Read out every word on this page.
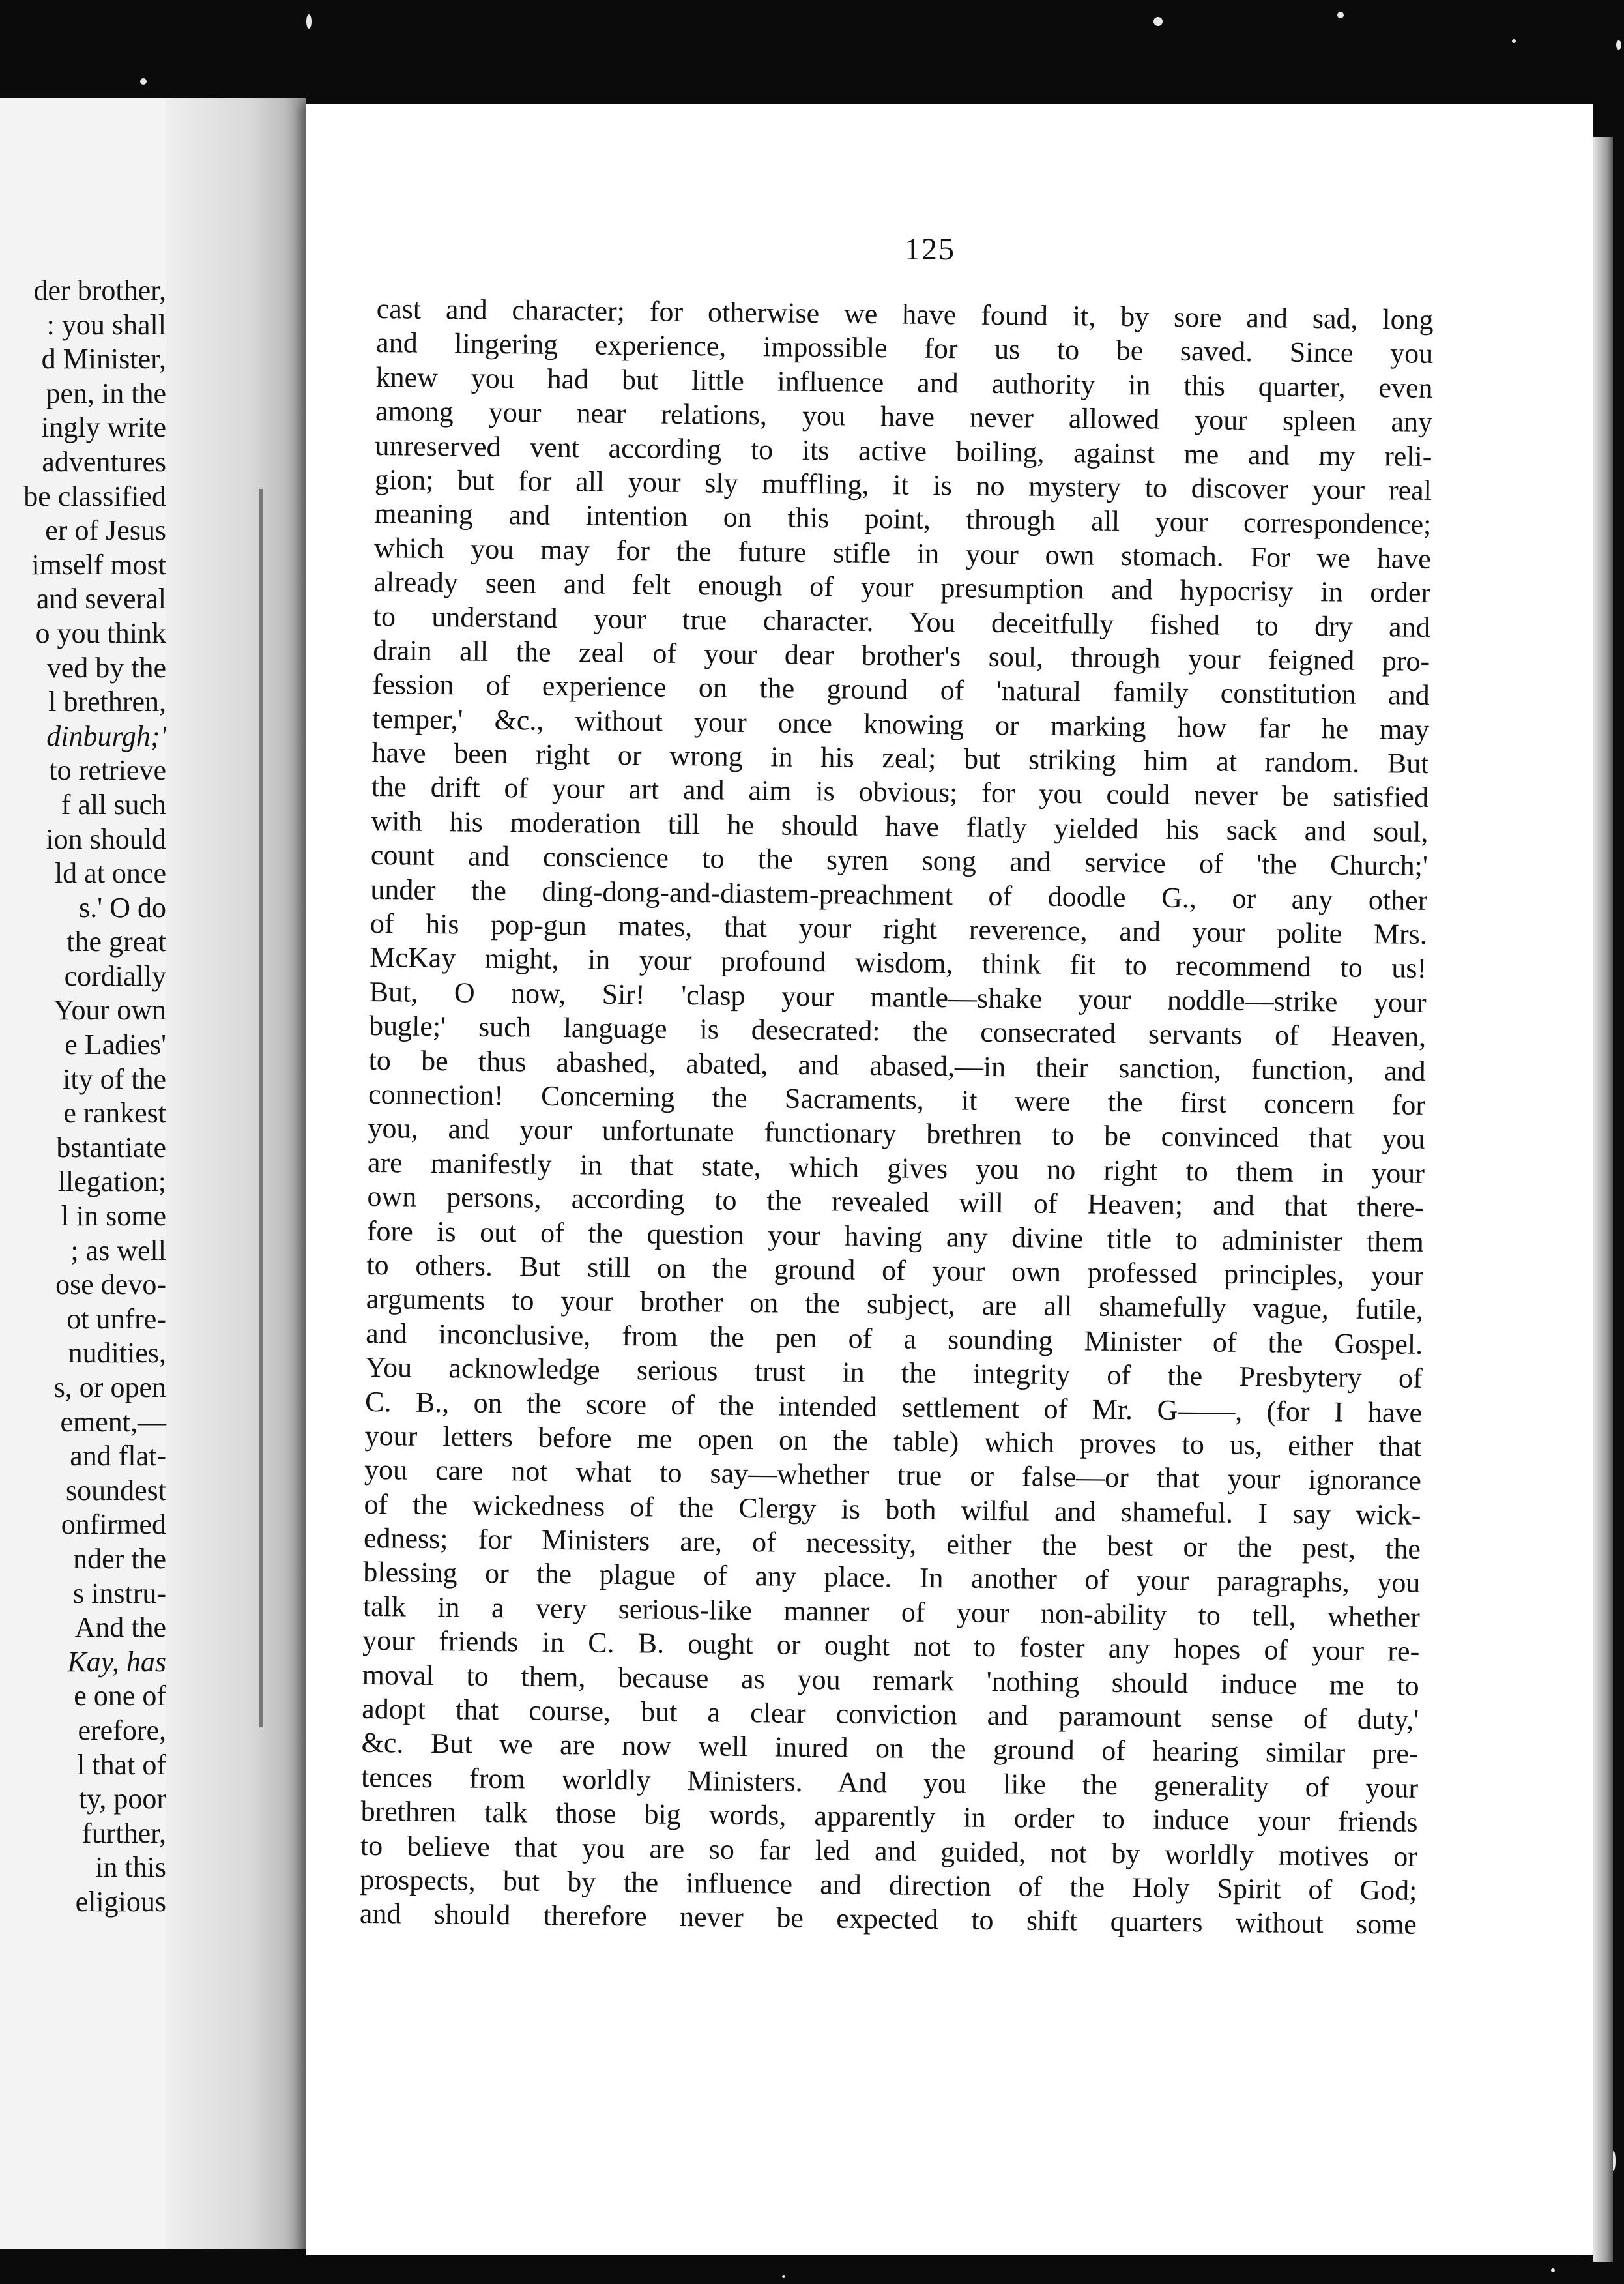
der brother,
: you shall
d Minister,
pen, in the
ingly write
adventures
be classified
er of Jesus
imself most
and several
o you think
ved by the
l brethren,
dinburgh;'
to retrieve
f all such
ion should
ld at once
s.' O do
the great
cordially
Your own
e Ladies'
ity of the
e rankest
bstantiate
llegation;
l in some
; as well
ose devo-
ot unfre-
nudities,
s, or open
ement,—
and flat-
soundest
onfirmed
nder the
s instru-
And the
Kay, has
e one of
erefore,
l that of
ty, poor
further,
in this
eligious
125
cast and character; for otherwise we have found it, by sore and sad, long
and lingering experience, impossible for us to be saved. Since you
knew you had but little influence and authority in this quarter, even
among your near relations, you have never allowed your spleen any
unreserved vent according to its active boiling, against me and my reli-
gion; but for all your sly muffling, it is no mystery to discover your real
meaning and intention on this point, through all your correspondence;
which you may for the future stifle in your own stomach. For we have
already seen and felt enough of your presumption and hypocrisy in order
to understand your true character. You deceitfully fished to dry and
drain all the zeal of your dear brother's soul, through your feigned pro-
fession of experience on the ground of 'natural family constitution and
temper,' &c., without your once knowing or marking how far he may
have been right or wrong in his zeal; but striking him at random. But
the drift of your art and aim is obvious; for you could never be satisfied
with his moderation till he should have flatly yielded his sack and soul,
count and conscience to the syren song and service of 'the Church;'
under the ding-dong-and-diastem-preachment of doodle G., or any other
of his pop-gun mates, that your right reverence, and your polite Mrs.
McKay might, in your profound wisdom, think fit to recommend to us!
But, O now, Sir! 'clasp your mantle—shake your noddle—strike your
bugle;' such language is desecrated: the consecrated servants of Heaven,
to be thus abashed, abated, and abased,—in their sanction, function, and
connection! Concerning the Sacraments, it were the first concern for
you, and your unfortunate functionary brethren to be convinced that you
are manifestly in that state, which gives you no right to them in your
own persons, according to the revealed will of Heaven; and that there-
fore is out of the question your having any divine title to administer them
to others. But still on the ground of your own professed principles, your
arguments to your brother on the subject, are all shamefully vague, futile,
and inconclusive, from the pen of a sounding Minister of the Gospel.
You acknowledge serious trust in the integrity of the Presbytery of
C. B., on the score of the intended settlement of Mr. G——, (for I have
your letters before me open on the table) which proves to us, either that
you care not what to say—whether true or false—or that your ignorance
of the wickedness of the Clergy is both wilful and shameful. I say wick-
edness; for Ministers are, of necessity, either the best or the pest, the
blessing or the plague of any place. In another of your paragraphs, you
talk in a very serious-like manner of your non-ability to tell, whether
your friends in C. B. ought or ought not to foster any hopes of your re-
moval to them, because as you remark 'nothing should induce me to
adopt that course, but a clear conviction and paramount sense of duty,'
&c. But we are now well inured on the ground of hearing similar pre-
tences from worldly Ministers. And you like the generality of your
brethren talk those big words, apparently in order to induce your friends
to believe that you are so far led and guided, not by worldly motives or
prospects, but by the influence and direction of the Holy Spirit of God;
and should therefore never be expected to shift quarters without some
